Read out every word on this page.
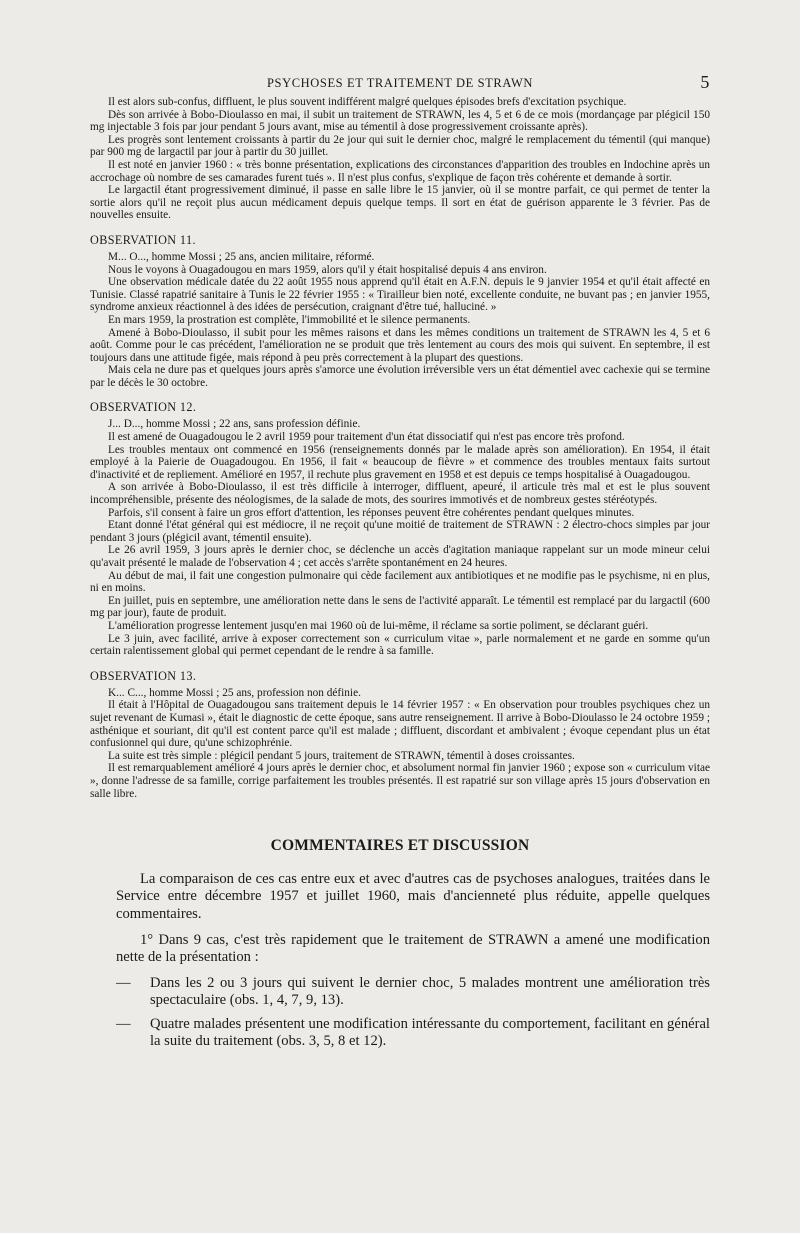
PSYCHOSES ET TRAITEMENT DE STRAWN	5

Il est alors sub-confus, diffluent, le plus souvent indifférent malgré quelques épisodes brefs d'excitation psychique.

Dès son arrivée à Bobo-Dioulasso en mai, il subit un traitement de STRAWN, les 4, 5 et 6 de ce mois (mordançage par plégicil 150 mg injectable 3 fois par jour pendant 5 jours avant, mise au témentil à dose progressivement croissante après).

Les progrès sont lentement croissants à partir du 2e jour qui suit le dernier choc, malgré le remplacement du témentil (qui manque) par 900 mg de largactil par jour à partir du 30 juillet.

Il est noté en janvier 1960 : « très bonne présentation, explications des circonstances d'apparition des troubles en Indochine après un accrochage où nombre de ses camarades furent tués ». Il n'est plus confus, s'explique de façon très cohérente et demande à sortir.

Le largactil étant progressivement diminué, il passe en salle libre le 15 janvier, où il se montre parfait, ce qui permet de tenter la sortie alors qu'il ne reçoit plus aucun médicament depuis quelque temps. Il sort en état de guérison apparente le 3 février. Pas de nouvelles ensuite.

OBSERVATION 11.

M... O..., homme Mossi ; 25 ans, ancien militaire, réformé.

Nous le voyons à Ouagadougou en mars 1959, alors qu'il y était hospitalisé depuis 4 ans environ.

Une observation médicale datée du 22 août 1955 nous apprend qu'il était en A.F.N. depuis le 9 janvier 1954 et qu'il était affecté en Tunisie. Classé rapatrié sanitaire à Tunis le 22 février 1955 : « Tirailleur bien noté, excellente conduite, ne buvant pas ; en janvier 1955, syndrome anxieux réactionnel à des idées de persécution, craignant d'être tué, halluciné. »

En mars 1959, la prostration est complète, l'immobilité et le silence permanents.

Amené à Bobo-Dioulasso, il subit pour les mêmes raisons et dans les mêmes conditions un traitement de STRAWN les 4, 5 et 6 août. Comme pour le cas précédent, l'amélioration ne se produit que très lentement au cours des mois qui suivent. En septembre, il est toujours dans une attitude figée, mais répond à peu près correctement à la plupart des questions.

Mais cela ne dure pas et quelques jours après s'amorce une évolution irréversible vers un état démentiel avec cachexie qui se termine par le décès le 30 octobre.

OBSERVATION 12.

J... D..., homme Mossi ; 22 ans, sans profession définie.

Il est amené de Ouagadougou le 2 avril 1959 pour traitement d'un état dissociatif qui n'est pas encore très profond.

Les troubles mentaux ont commencé en 1956 (renseignements donnés par le malade après son amélioration). En 1954, il était employé à la Paierie de Ouagadougou. En 1956, il fait « beaucoup de fièvre » et commence des troubles mentaux faits surtout d'inactivité et de repliement. Amélioré en 1957, il rechute plus gravement en 1958 et est depuis ce temps hospitalisé à Ouagadougou.

A son arrivée à Bobo-Dioulasso, il est très difficile à interroger, diffluent, apeuré, il articule très mal et est le plus souvent incompréhensible, présente des néologismes, de la salade de mots, des sourires immotivés et de nombreux gestes stéréotypés.

Parfois, s'il consent à faire un gros effort d'attention, les réponses peuvent être cohérentes pendant quelques minutes.

Etant donné l'état général qui est médiocre, il ne reçoit qu'une moitié de traitement de STRAWN : 2 électro-chocs simples par jour pendant 3 jours (plégicil avant, témentil ensuite).

Le 26 avril 1959, 3 jours après le dernier choc, se déclenche un accès d'agitation maniaque rappelant sur un mode mineur celui qu'avait présenté le malade de l'observation 4 ; cet accès s'arrête spontanément en 24 heures.

Au début de mai, il fait une congestion pulmonaire qui cède facilement aux antibiotiques et ne modifie pas le psychisme, ni en plus, ni en moins.

En juillet, puis en septembre, une amélioration nette dans le sens de l'activité apparaît. Le témentil est remplacé par du largactil (600 mg par jour), faute de produit.

L'amélioration progresse lentement jusqu'en mai 1960 où de lui-même, il réclame sa sortie poliment, se déclarant guéri.

Le 3 juin, avec facilité, arrive à exposer correctement son « curriculum vitae », parle normalement et ne garde en somme qu'un certain ralentissement global qui permet cependant de le rendre à sa famille.

OBSERVATION 13.

K... C..., homme Mossi ; 25 ans, profession non définie.

Il était à l'Hôpital de Ouagadougou sans traitement depuis le 14 février 1957 : « En observation pour troubles psychiques chez un sujet revenant de Kumasi », était le diagnostic de cette époque, sans autre renseignement. Il arrive à Bobo-Dioulasso le 24 octobre 1959 ; asthénique et souriant, dit qu'il est content parce qu'il est malade ; diffluent, discordant et ambivalent ; évoque cependant plus un état confusionnel qui dure, qu'une schizophrénie.

La suite est très simple : plégicil pendant 5 jours, traitement de STRAWN, témentil à doses croissantes.

Il est remarquablement amélioré 4 jours après le dernier choc, et absolument normal fin janvier 1960 ; expose son « curriculum vitae », donne l'adresse de sa famille, corrige parfaitement les troubles présentés. Il est rapatrié sur son village après 15 jours d'observation en salle libre.

COMMENTAIRES ET DISCUSSION

La comparaison de ces cas entre eux et avec d'autres cas de psychoses analogues, traitées dans le Service entre décembre 1957 et juillet 1960, mais d'ancienneté plus réduite, appelle quelques commentaires.

1° Dans 9 cas, c'est très rapidement que le traitement de STRAWN a amené une modification nette de la présentation :

— Dans les 2 ou 3 jours qui suivent le dernier choc, 5 malades montrent une amélioration très spectaculaire (obs. 1, 4, 7, 9, 13).
— Quatre malades présentent une modification intéressante du comportement, facilitant en général la suite du traitement (obs. 3, 5, 8 et 12).
